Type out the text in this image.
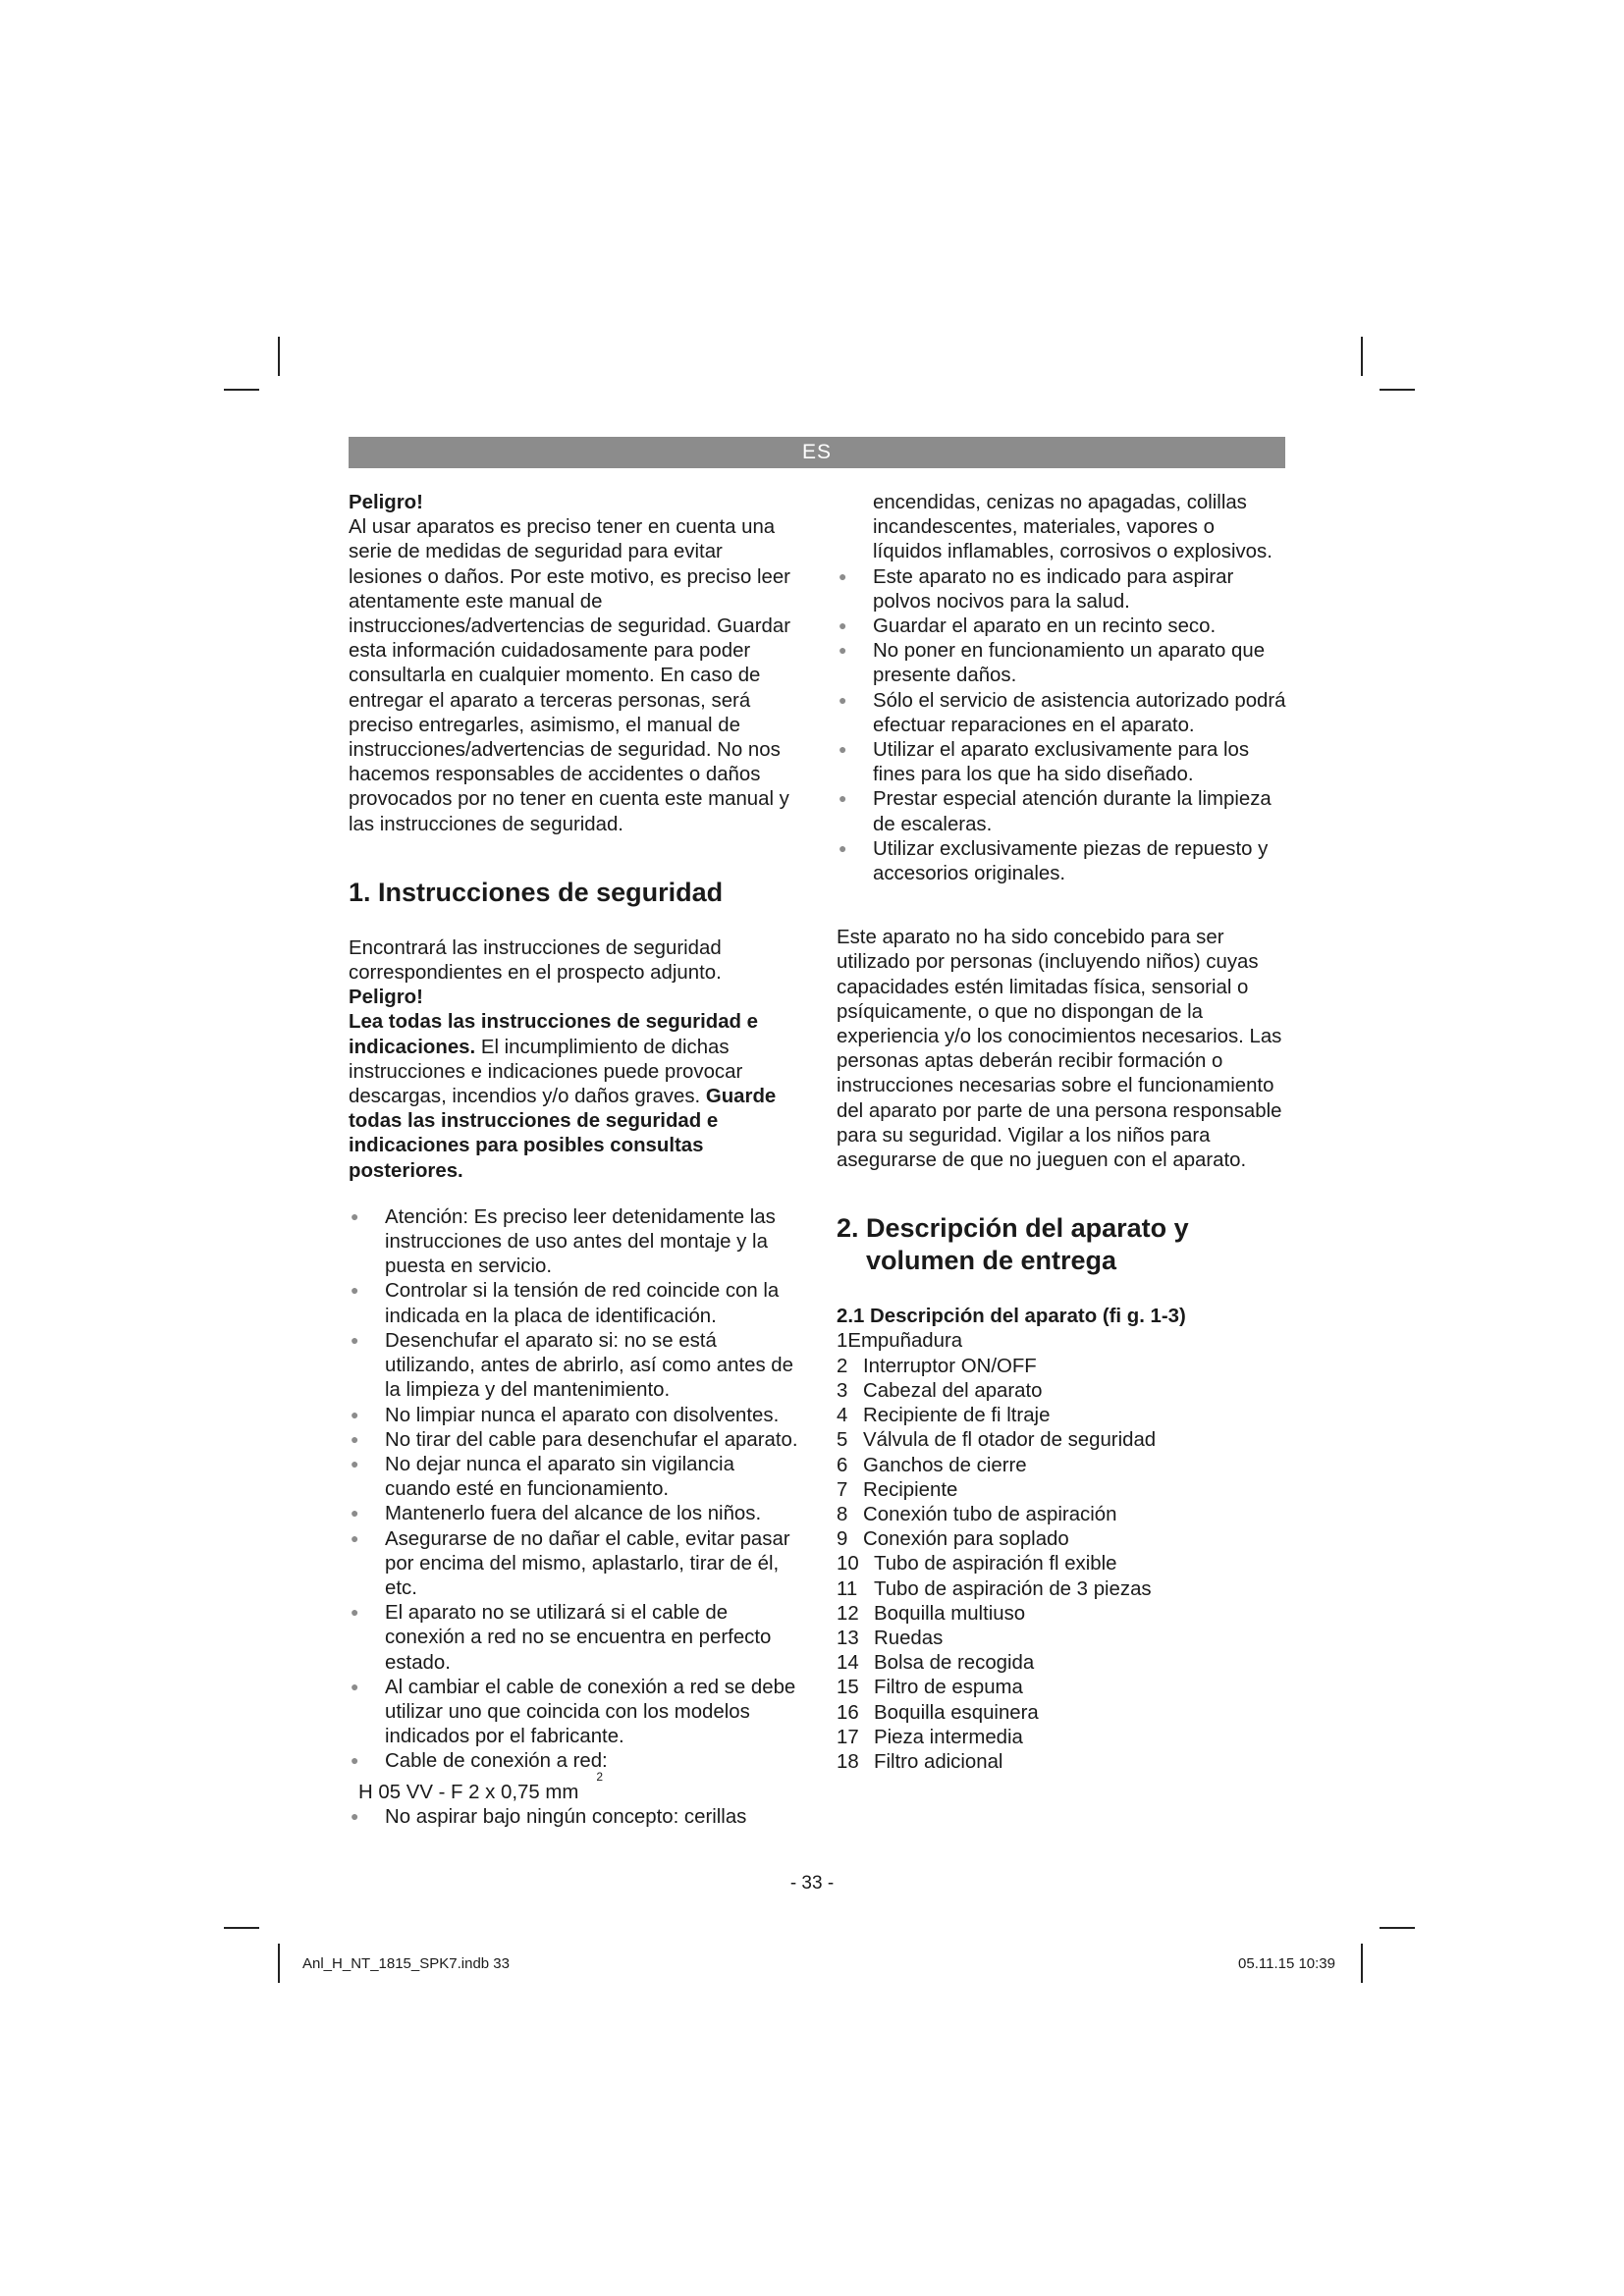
ES

Peligro!

Al usar aparatos es preciso tener en cuenta una serie de medidas de seguridad para evitar lesiones o daños. Por este motivo, es preciso leer atentamente este manual de instrucciones/advertencias de seguridad. Guardar esta información cuidadosamente para poder consultarla en cualquier momento. En caso de entregar el aparato a terceras personas, será preciso entregarles, asimismo, el manual de instrucciones/advertencias de seguridad. No nos hacemos responsables de accidentes o daños provocados por no tener en cuenta este manual y las instrucciones de seguridad.

1. Instrucciones de seguridad

Encontrará las instrucciones de seguridad correspondientes en el prospecto adjunto.

Peligro!

Lea todas las instrucciones de seguridad e indicaciones. El incumplimiento de dichas instrucciones e indicaciones puede provocar descargas, incendios y/o daños graves. Guarde todas las instrucciones de seguridad e indicaciones para posibles consultas posteriores.

● Atención: Es preciso leer detenidamente las instrucciones de uso antes del montaje y la puesta en servicio.
● Controlar si la tensión de red coincide con la indicada en la placa de identificación.
● Desenchufar el aparato si: no se está utilizando, antes de abrirlo, así como antes de la limpieza y del mantenimiento.
● No limpiar nunca el aparato con disolventes.
● No tirar del cable para desenchufar el aparato.
● No dejar nunca el aparato sin vigilancia cuando esté en funcionamiento.
● Mantenerlo fuera del alcance de los niños.
● Asegurarse de no dañar el cable, evitar pasar por encima del mismo, aplastarlo, tirar de él, etc.
● El aparato no se utilizará si el cable de conexión a red no se encuentra en perfecto estado.
● Al cambiar el cable de conexión a red se debe utilizar uno que coincida con los modelos indicados por el fabricante.
● Cable de conexión a red:

H 05 VV - F 2 x 0,75 $mm^2$

● No aspirar bajo ningún concepto: cerillas
encendidas, cenizas no apagadas, colillas incandescentes, materiales, vapores o líquidos inflamables, corrosivos o explosivos.
● Este aparato no es indicado para aspirar polvos nocivos para la salud.
● Guardar el aparato en un recinto seco.
● No poner en funcionamiento un aparato que presente daños.
● Sólo el servicio de asistencia autorizado podrá efectuar reparaciones en el aparato.
● Utilizar el aparato exclusivamente para los fines para los que ha sido diseñado.
● Prestar especial atención durante la limpieza de escaleras.
● Utilizar exclusivamente piezas de repuesto y accesorios originales.

Este aparato no ha sido concebido para ser utilizado por personas (incluyendo niños) cuyas capacidades estén limitadas física, sensorial o psíquicamente, o que no dispongan de la experiencia y/o los conocimientos necesarios. Las personas aptas deberán recibir formación o instrucciones necesarias sobre el funcionamiento del aparato por parte de una persona responsable para su seguridad. Vigilar a los niños para asegurarse de que no jueguen con el aparato.

2. Descripción del aparato y volumen de entrega
2.1 Descripción del aparato (fi g. 1-3)

1Empuñadura

2 Interruptor ON/OFF
3 Cabezal del aparato
4 Recipiente de fi ltraje
5 Válvula de fl otador de seguridad
6 Ganchos de cierre
7 Recipiente
8 Conexión tubo de aspiración
9 Conexión para soplado
10 Tubo de aspiración fl exible
11 Tubo de aspiración de 3 piezas
12 Boquilla multiuso
13 Ruedas
14 Bolsa de recogida
15 Filtro de espuma
16 Boquilla esquinera
17 Pieza intermedia
18 Filtro adicional
- 33 -
Anl_H_NT_1815_SPK7.indb 33	05.11.15 10:39
